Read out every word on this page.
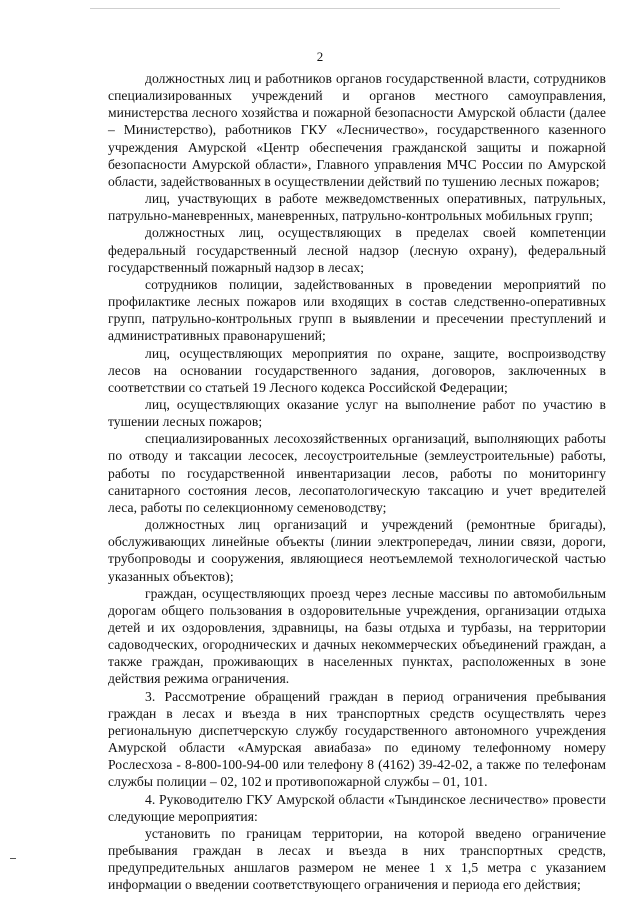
2

должностных лиц и работников органов государственной власти, сотрудников специализированных учреждений и органов местного самоуправления, министерства лесного хозяйства и пожарной безопасности Амурской области (далее – Министерство), работников ГКУ «Лесничество», государственного казенного учреждения Амурской «Центр обеспечения гражданской защиты и пожарной безопасности Амурской области», Главного управления МЧС России по Амурской области, задействованных в осуществлении действий по тушению лесных пожаров;

лиц, участвующих в работе межведомственных оперативных, патрульных, патрульно-маневренных, маневренных, патрульно-контрольных мобильных групп;

должностных лиц, осуществляющих в пределах своей компетенции федеральный государственный лесной надзор (лесную охрану), федеральный государственный пожарный надзор в лесах;

сотрудников полиции, задействованных в проведении мероприятий по профилактике лесных пожаров или входящих в состав следственно-оперативных групп, патрульно-контрольных групп в выявлении и пресечении преступлений и административных правонарушений;

лиц, осуществляющих мероприятия по охране, защите, воспроизводству лесов на основании государственного задания, договоров, заключенных в соответствии со статьей 19 Лесного кодекса Российской Федерации;

лиц, осуществляющих оказание услуг на выполнение работ по участию в тушении лесных пожаров;

специализированных лесохозяйственных организаций, выполняющих работы по отводу и таксации лесосек, лесоустроительные (землеустроительные) работы, работы по государственной инвентаризации лесов, работы по мониторингу санитарного состояния лесов, лесопатологическую таксацию и учет вредителей леса, работы по селекционному семеноводству;

должностных лиц организаций и учреждений (ремонтные бригады), обслуживающих линейные объекты (линии электропередач, линии связи, дороги, трубопроводы и сооружения, являющиеся неотъемлемой технологической частью указанных объектов);

граждан, осуществляющих проезд через лесные массивы по автомобильным дорогам общего пользования в оздоровительные учреждения, организации отдыха детей и их оздоровления, здравницы, на базы отдыха и турбазы, на территории садоводческих, огороднических и дачных некоммерческих объединений граждан, а также граждан, проживающих в населенных пунктах, расположенных в зоне действия режима ограничения.

3. Рассмотрение обращений граждан в период ограничения пребывания граждан в лесах и въезда в них транспортных средств осуществлять через региональную диспетчерскую службу государственного автономного учреждения Амурской области «Амурская авиабаза» по единому телефонному номеру Рослесхоза - 8-800-100-94-00 или телефону 8 (4162) 39-42-02, а также по телефонам службы полиции – 02, 102 и противопожарной службы – 01, 101.

4. Руководителю ГКУ Амурской области «Тындинское лесничество» провести следующие мероприятия:

установить по границам территории, на которой введено ограничение пребывания граждан в лесах и въезда в них транспортных средств, предупредительных аншлагов размером не менее 1 х 1,5 метра с указанием информации о введении соответствующего ограничения и периода его действия;
